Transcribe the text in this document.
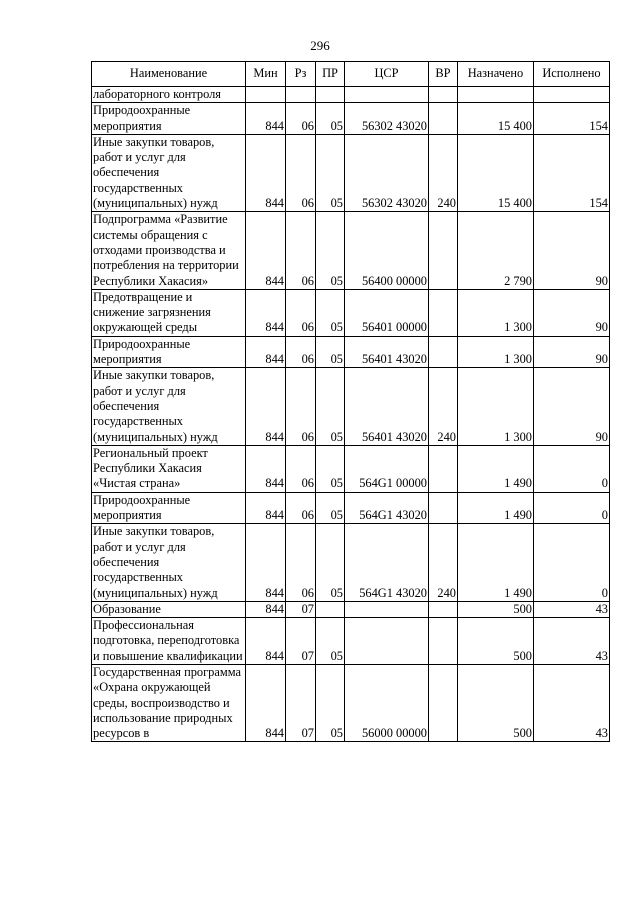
296
Наименование	Мин	Рз	ПР	ЦСР	ВР	Назначено	Исполнено
лабораторного контроля							
Природоохранные мероприятия	844	06	05	56302 43020		15 400	154
Иные закупки товаров, работ и услуг для обеспечения государственных (муниципальных) нужд	844	06	05	56302 43020	240	15 400	154
Подпрограмма «Развитие системы обращения с отходами производства и потребления на территории Республики Хакасия»	844	06	05	56400 00000		2 790	90
Предотвращение и снижение загрязнения окружающей среды	844	06	05	56401 00000		1 300	90
Природоохранные мероприятия	844	06	05	56401 43020		1 300	90
Иные закупки товаров, работ и услуг для обеспечения государственных (муниципальных) нужд	844	06	05	56401 43020	240	1 300	90
Региональный проект Республики Хакасия «Чистая страна»	844	06	05	564G1 00000		1 490	0
Природоохранные мероприятия	844	06	05	564G1 43020		1 490	0
Иные закупки товаров, работ и услуг для обеспечения государственных (муниципальных) нужд	844	06	05	564G1 43020	240	1 490	0
Образование	844	07				500	43
Профессиональная подготовка, переподготовка и повышение квалификации	844	07	05			500	43
Государственная программа «Охрана окружающей среды, воспроизводство и использование природных ресурсов в	844	07	05	56000 00000		500	43
